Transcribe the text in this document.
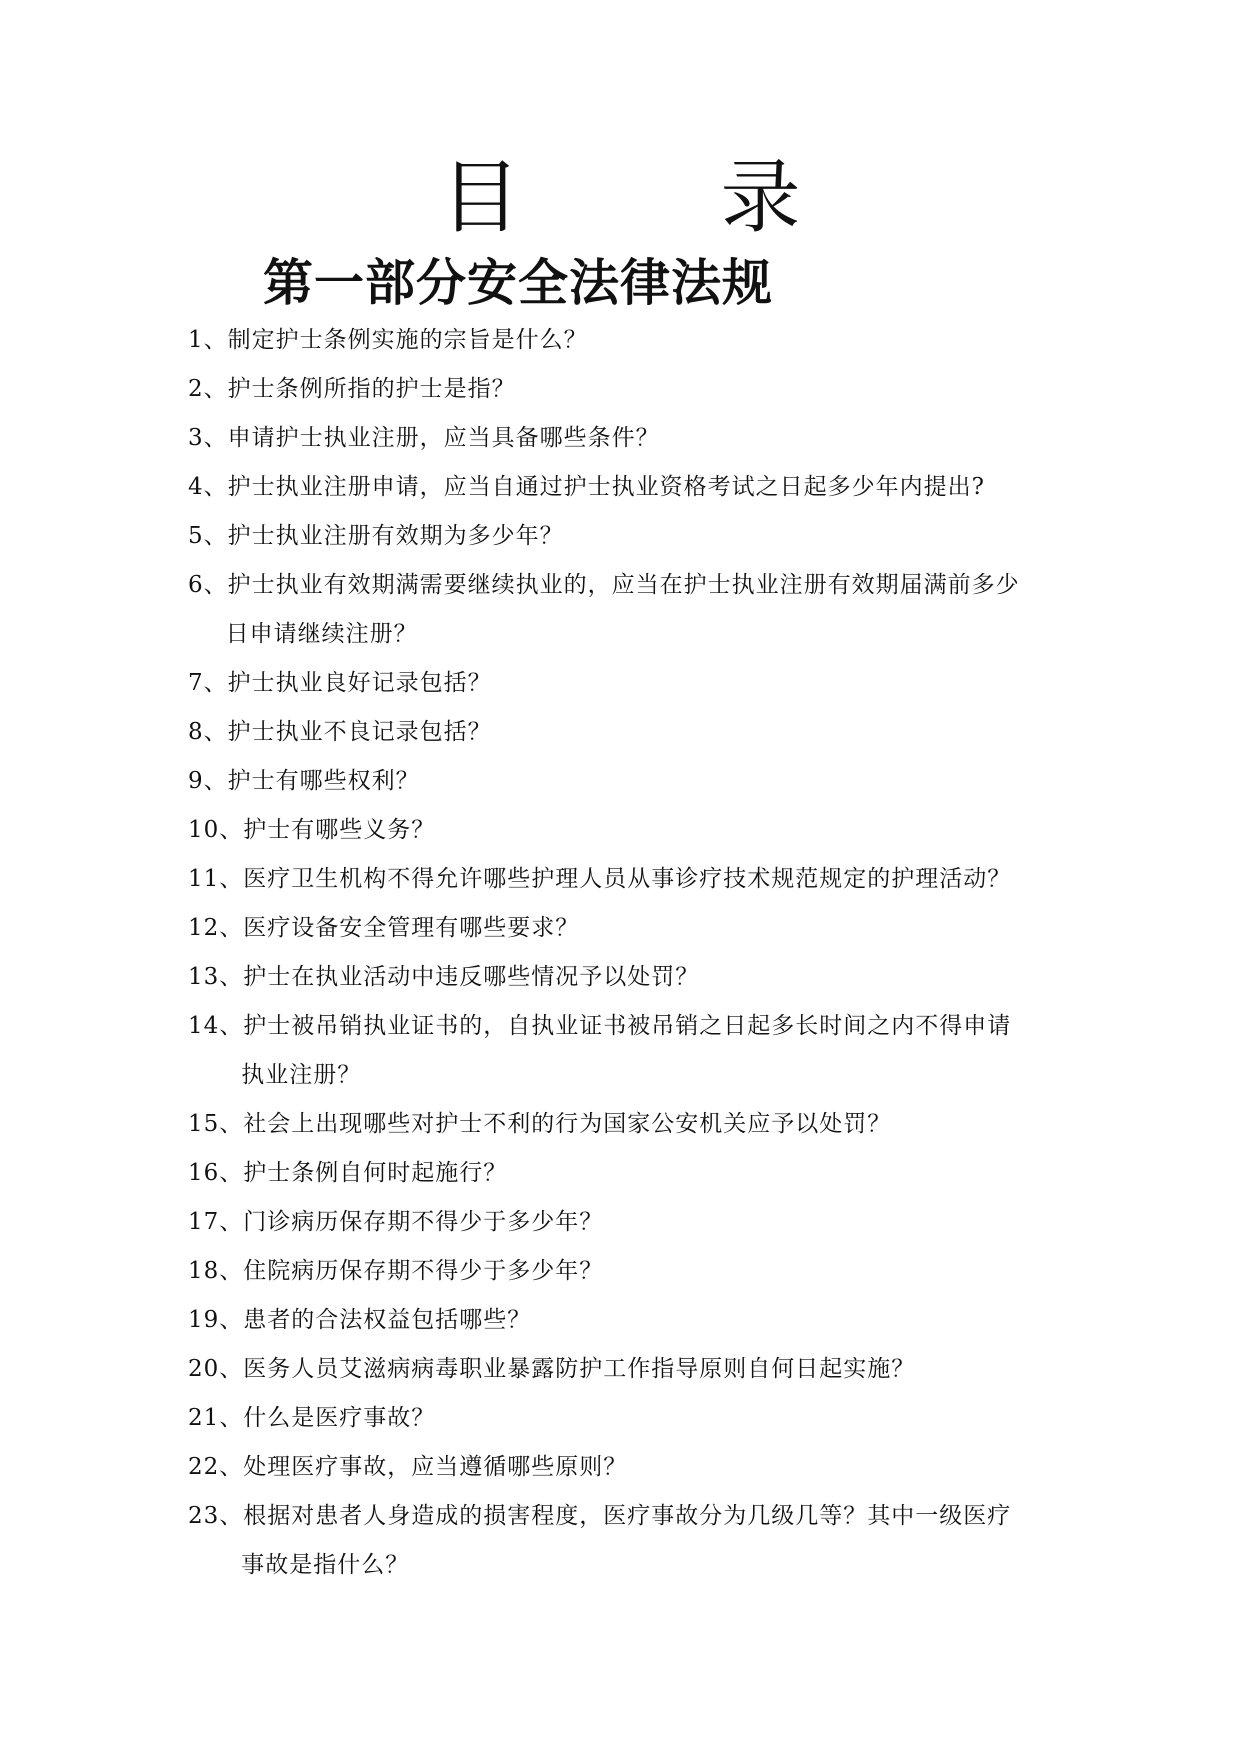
目　录
第一部分安全法律法规
1、制定护士条例实施的宗旨是什么？
2、护士条例所指的护士是指？
3、申请护士执业注册，应当具备哪些条件？
4、护士执业注册申请，应当自通过护士执业资格考试之日起多少年内提出?
5、护士执业注册有效期为多少年？
6、护士执业有效期满需要继续执业的，应当在护士执业注册有效期届满前多少
日申请继续注册？
7、护士执业良好记录包括？
8、护士执业不良记录包括？
9、护士有哪些权利？
10、护士有哪些义务？
11、医疗卫生机构不得允许哪些护理人员从事诊疗技术规范规定的护理活动？
12、医疗设备安全管理有哪些要求？
13、护士在执业活动中违反哪些情况予以处罚？
14、护士被吊销执业证书的，自执业证书被吊销之日起多长时间之内不得申请
执业注册？
15、社会上出现哪些对护士不利的行为国家公安机关应予以处罚？
16、护士条例自何时起施行？
17、门诊病历保存期不得少于多少年？
18、住院病历保存期不得少于多少年？
19、患者的合法权益包括哪些？
20、医务人员艾滋病病毒职业暴露防护工作指导原则自何日起实施？
21、什么是医疗事故？
22、处理医疗事故，应当遵循哪些原则？
23、根据对患者人身造成的损害程度，医疗事故分为几级几等？其中一级医疗
事故是指什么？
